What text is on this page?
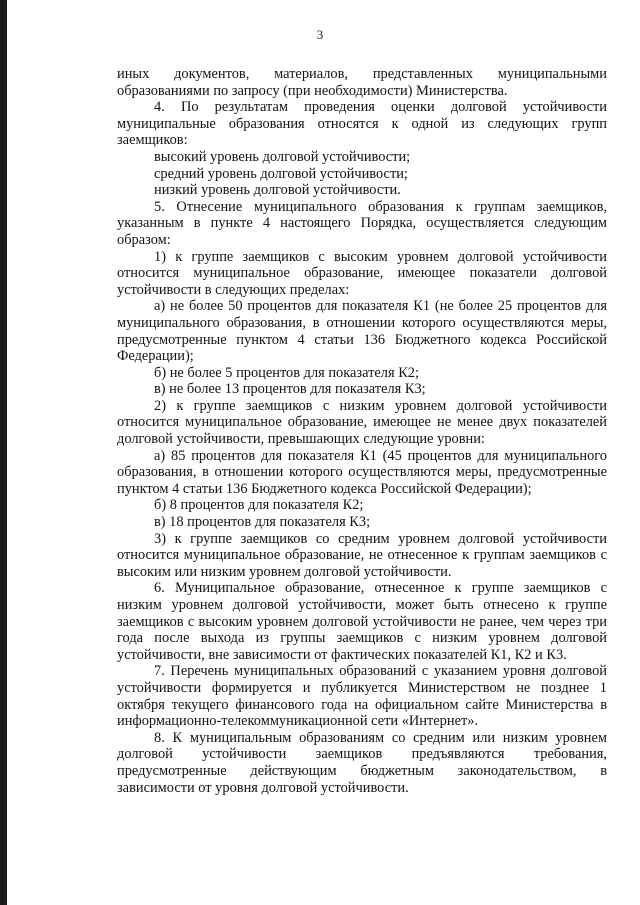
3

иных документов, материалов, представленных муниципальными образованиями по запросу (при необходимости) Министерства.

4. По результатам проведения оценки долговой устойчивости муниципальные образования относятся к одной из следующих групп заемщиков:

высокий уровень долговой устойчивости;

средний уровень долговой устойчивости;

низкий уровень долговой устойчивости.

5. Отнесение муниципального образования к группам заемщиков, указанным в пункте 4 настоящего Порядка, осуществляется следующим образом:

1) к группе заемщиков с высоким уровнем долговой устойчивости относится муниципальное образование, имеющее показатели долговой устойчивости в следующих пределах:

а) не более 50 процентов для показателя К1 (не более 25 процентов для муниципального образования, в отношении которого осуществляются меры, предусмотренные пунктом 4 статьи 136 Бюджетного кодекса Российской Федерации);

б) не более 5 процентов для показателя К2;

в) не более 13 процентов для показателя К3;

2) к группе заемщиков с низким уровнем долговой устойчивости относится муниципальное образование, имеющее не менее двух показателей долговой устойчивости, превышающих следующие уровни:

а) 85 процентов для показателя К1 (45 процентов для муниципального образования, в отношении которого осуществляются меры, предусмотренные пунктом 4 статьи 136 Бюджетного кодекса Российской Федерации);

б) 8 процентов для показателя К2;

в) 18 процентов для показателя К3;

3) к группе заемщиков со средним уровнем долговой устойчивости относится муниципальное образование, не отнесенное к группам заемщиков с высоким или низким уровнем долговой устойчивости.

6. Муниципальное образование, отнесенное к группе заемщиков с низким уровнем долговой устойчивости, может быть отнесено к группе заемщиков с высоким уровнем долговой устойчивости не ранее, чем через три года после выхода из группы заемщиков с низким уровнем долговой устойчивости, вне зависимости от фактических показателей К1, К2 и К3.

7. Перечень муниципальных образований с указанием уровня долговой устойчивости формируется и публикуется Министерством не позднее 1 октября текущего финансового года на официальном сайте Министерства в информационно-телекоммуникационной сети «Интернет».

8. К муниципальным образованиям со средним или низким уровнем долговой устойчивости заемщиков предъявляются требования, предусмотренные действующим бюджетным законодательством, в зависимости от уровня долговой устойчивости.
